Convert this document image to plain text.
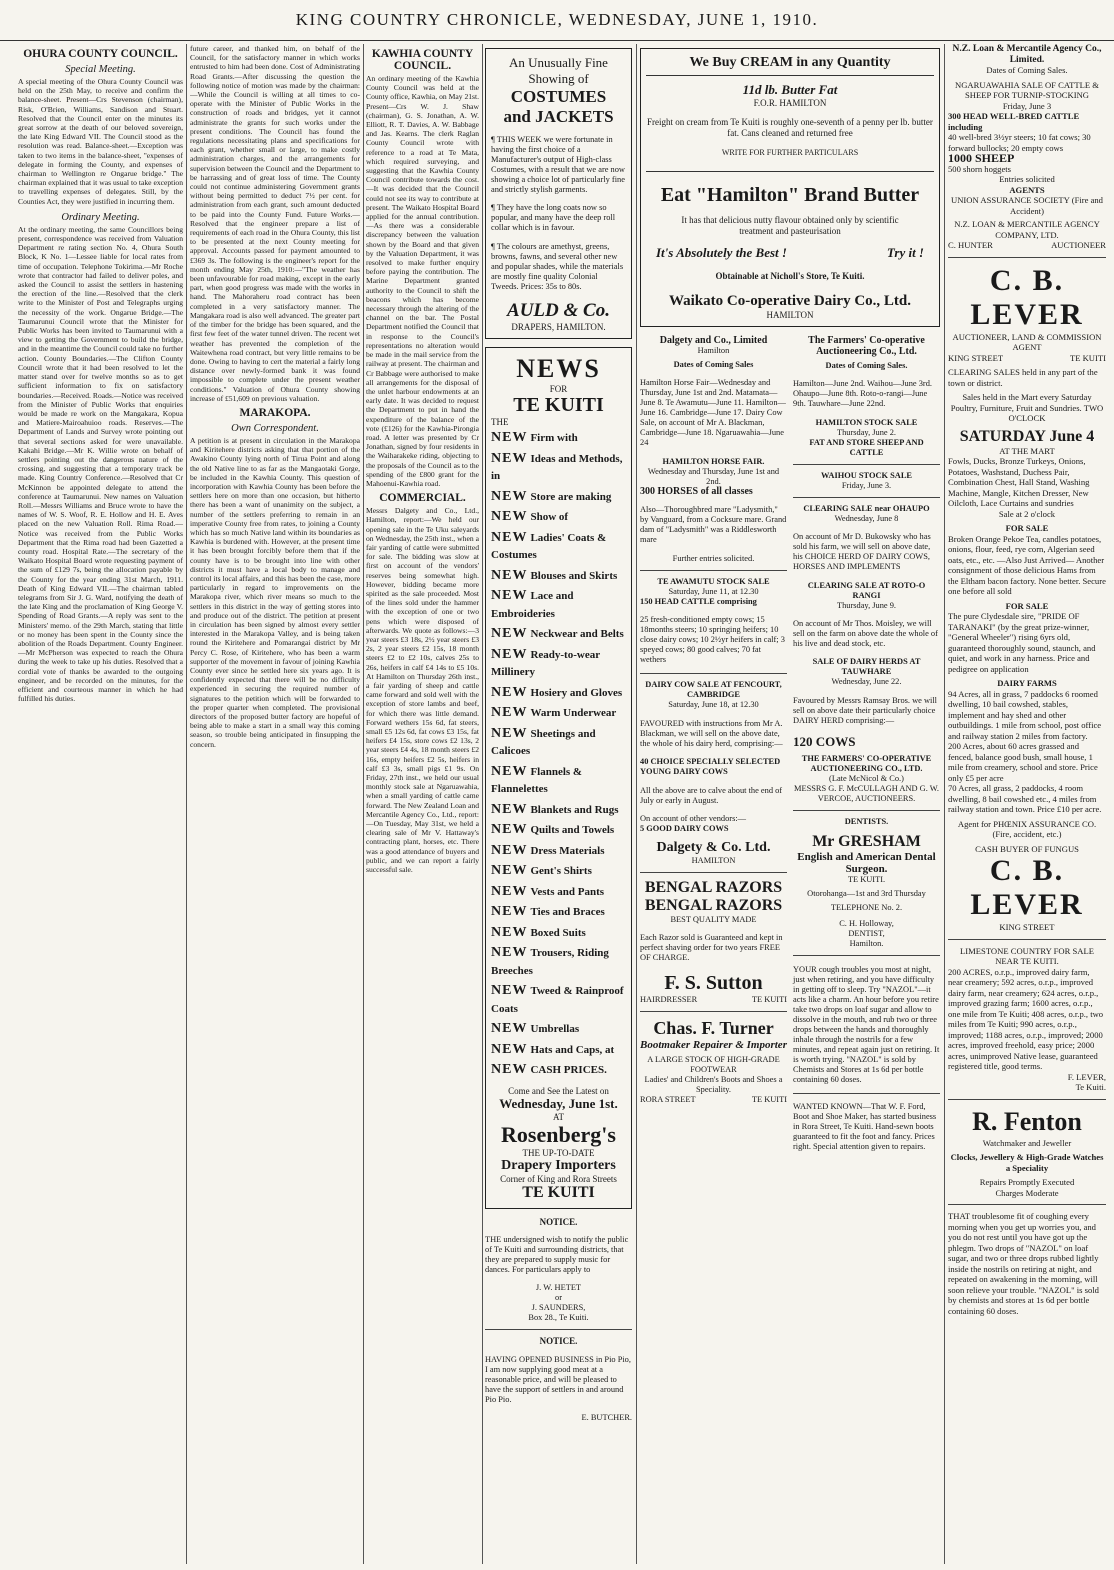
KING COUNTRY CHRONICLE, WEDNESDAY, JUNE 1, 1910.
OHURA COUNTY COUNCIL.
Special Meeting.

A special meeting of the Ohura County Council was held on the 25th May, to receive and confirm the balance-sheet. Present—Crs Stevenson (chairman), Risk, O'Brien, Williams, Sandison and Stuart. Resolved that the Council enter on the minutes its great sorrow at the death of our beloved sovereign, the late King Edward VII. The Council stood as the resolution was read. Balance-sheet.—Exception was taken to two items in the balance-sheet, "expenses of delegate in forming the County, and expenses of chairman to Wellington re Ongarue bridge." The chairman explained that it was usual to take exception to travelling expenses of delegates. Still, by the Counties Act, they were justified in incurring them.

Ordinary Meeting.

At the ordinary meeting, the same Councillors being present, correspondence was received from Valuation Department re rating section No. 4, Ohura South Block, K No. 1—Lessee liable for local rates from time of occupation. Telephone Tokirima.—Mr Roche wrote that contractor had failed to deliver poles, and asked the Council to assist the settlers in hastening the erection of the line.—Resolved that the clerk write to the Minister of Post and Telegraphs urging the necessity of the work. Ongarue Bridge.—The Taumarunui Council wrote that the Minister for Public Works has been invited to Taumarunui with a view to getting the Government to build the bridge, and in the meantime the Council could take no further action. County Boundaries.—The Clifton County Council wrote that it had been resolved to let the matter stand over for twelve months so as to get sufficient information to fix on satisfactory boundaries.—Received. Roads.—Notice was received from the Minister of Public Works that enquiries would be made re work on the Mangakara, Kopua and Matiere-Mairoahuioo roads. Reserves.—The Department of Lands and Survey wrote pointing out that several sections asked for were unavailable. Kakahi Bridge.—Mr K. Willie wrote on behalf of settlers pointing out the dangerous nature of the crossing, and suggesting that a temporary track be made. King Country Conference.—Resolved that Cr McKinnon be appointed delegate to attend the conference at Taumarunui. New names on Valuation Roll.—Messrs Williams and Bruce wrote to have the names of W. S. Woof, R. E. Hollow and H. E. Aves placed on the new Valuation Roll. Rima Road.—Notice was received from the Public Works Department that the Rima road had been Gazetted a county road. Hospital Rate.—The secretary of the Waikato Hospital Board wrote requesting payment of the sum of £129 7s, being the allocation payable by the County for the year ending 31st March, 1911. Death of King Edward VII.—The chairman tabled telegrams from Sir J. G. Ward, notifying the death of the late King and the proclamation of King George V. Spending of Road Grants.—A reply was sent to the Ministers' memo. of the 29th March, stating that little or no money has been spent in the County since the abolition of the Roads Department. County Engineer.—Mr McPherson was expected to reach the Ohura during the week to take up his duties. Resolved that a cordial vote of thanks be awarded to the outgoing engineer, and be recorded on the minutes, for the efficient and courteous manner in which he had fulfilled his duties.

future career, and thanked him, on behalf of the Council, for the satisfactory manner in which works entrusted to him had been done. Cost of Administrating Road Grants.—After discussing the question the following notice of motion was made by the chairman:—While the Council is willing at all times to co-operate with the Minister of Public Works in the construction of roads and bridges, yet it cannot administrate the grants for such works under the present conditions. The Council has found the regulations necessitating plans and specifications for each grant, whether small or large, to make costly administration charges, and the arrangements for supervision between the Council and the Department to be harrassing and of great loss of time. The County could not continue administering Government grants without being permitted to deduct 7½ per cent. for administration from each grant, such amount deducted to be paid into the County Fund. Future Works.—Resolved that the engineer prepare a list of requirements of each road in the Ohura County, this list to be presented at the next County meeting for approval. Accounts passed for payment amounted to £369 3s. The following is the engineer's report for the month ending May 25th, 1910:—"The weather has been unfavourable for road making, except in the early part, when good progress was made with the works in hand. The Mahoraheru road contract has been completed in a very satisfactory manner. The Mangakara road is also well advanced. The greater part of the timber for the bridge has been squared, and the first few feet of the water tunnel driven. The recent wet weather has prevented the completion of the Waitewhena road contract, but very little remains to be done. Owing to having to cert the material a fairly long distance over newly-formed bank it was found impossible to complete under the present weather conditions." Valuation of Ohura County showing increase of £51,609 on previous valuation.

MARAKOPA.
Own Correspondent.

A petition is at present in circulation in the Marakopa and Kiritehere districts asking that that portion of the Awakino County lying north of Tirua Point and along the old Native line to as far as the Mangaotaki Gorge, be included in the Kawhia County. This question of incorporation with Kawhia County has been before the settlers here on more than one occasion, but hitherto there has been a want of unanimity on the subject, a number of the settlers preferring to remain in an imperative County free from rates, to joining a County which has so much Native land within its boundaries as Kawhia is burdened with. However, at the present time it has been brought forcibly before them that if the county have is to be brought into line with other districts it must have a local body to manage and control its local affairs, and this has been the case, more particularly in regard to improvements on the Marakopa river, which river means so much to the settlers in this district in the way of getting stores into and produce out of the district. The petition at present in circulation has been signed by almost every settler interested in the Marakopa Valley, and is being taken round the Kiritehere and Pomarangai district by Mr Percy C. Rose, of Kiritehere, who has been a warm supporter of the movement in favour of joining Kawhia County ever since he settled here six years ago. It is confidently expected that there will be no difficulty experienced in securing the required number of signatures to the petition which will be forwarded to the proper quarter when completed. The provisional directors of the proposed butter factory are hopeful of being able to make a start in a small way this coming season, so trouble being anticipated in finsupping the concern.

KAWHIA COUNTY COUNCIL.

An ordinary meeting of the Kawhia County Council was held at the County office, Kawhia, on May 21st. Present—Crs W. J. Shaw (chairman), G. S. Jonathan, A. W. Elliott, R. T. Davies, A. W. Babbage and Jas. Kearns. The clerk Raglan County Council wrote with reference to a road at Te Mata, which required surveying, and suggesting that the Kawhia County Council contribute towards the cost.—It was decided that the Council could not see its way to contribute at present. The Waikato Hospital Board applied for the annual contribution.—As there was a considerable discrepancy between the valuation shown by the Board and that given by the Valuation Department, it was resolved to make further enquiry before paying the contribution. The Marine Department granted authority to the Council to shift the beacons which has become necessary through the altering of the channel on the bar. The Postal Department notified the Council that in response to the Council's representations no alteration would be made in the mail service from the railway at present. The chairman and Cr Babbage were authorised to make all arrangements for the disposal of the unlet harbour endowments at an early date. It was decided to request the Department to put in hand the expenditure of the balance of the vote (£126) for the Kawhia-Pirongia road. A letter was presented by Cr Jonathan, signed by four residents in the Waiharakeke riding, objecting to the proposals of the Council as to the spending of the £800 grant for the Mahoenui-Kawhia road.

COMMERCIAL.

Messrs Dalgety and Co., Ltd., Hamilton, report:—We held our opening sale in the Te Uku saleyards on Wednesday, the 25th inst., when a fair yarding of cattle were submitted for sale. The bidding was slow at first on account of the vendors' reserves being somewhat high. However, bidding became more spirited as the sale proceeded. Most of the lines sold under the hammer with the exception of one or two pens which were disposed of afterwards. We quote as follows:—3 year steers £3 18s, 2½ year steers £3 2s, 2 year steers £2 15s, 18 month steers £2 to £2 10s, calves 25s to 26s, heifers in calf £4 14s to £5 10s. At Hamilton on Thursday 26th inst., a fair yarding of sheep and cattle came forward and sold well with the exception of store lambs and beef, for which there was little demand. Forward wethers 15s 6d, fat steers, small £5 12s 6d, fat cows £3 15s, fat heifers £4 15s, store cows £2 13s, 2 year steers £4 4s, 18 month steers £2 16s, empty heifers £2 5s, heifers in calf £3 3s, small pigs £1 9s. On Friday, 27th inst., we held our usual monthly stock sale at Ngaruawahia, when a small yarding of cattle came forward. The New Zealand Loan and Mercantile Agency Co., Ltd., report:—On Tuesday, May 31st, we held a clearing sale of Mr V. Hattaway's contracting plant, horses, etc. There was a good attendance of buyers and public, and we can report a fairly successful sale.

An Unusually Fine
Showing of
COSTUMES
and JACKETS

¶ THIS WEEK we were fortunate in having the first choice of a Manufacturer's output of High-class Costumes, with a result that we are now showing a choice lot of particularly fine and strictly stylish garments.

¶ They have the long coats now so popular, and many have the deep roll collar which is in favour.

¶ The colours are amethyst, greens, browns, fawns, and several other new and popular shades, while the materials are mostly fine quality Colonial Tweeds. Prices: 35s to 80s.

AULD & Co.
DRAPERS, HAMILTON.
NEWS
FOR
TE KUITI
THE
NEW Firm with
NEW Ideas and Methods, in
NEW Store are making
NEW Show of
NEW Ladies' Coats & Costumes
NEW Blouses and Skirts
NEW Lace and Embroideries
NEW Neckwear and Belts
NEW Ready-to-wear Millinery
NEW Hosiery and Gloves
NEW Warm Underwear
NEW Sheetings and Calicoes
NEW Flannels & Flannelettes
NEW Blankets and Rugs
NEW Quilts and Towels
NEW Dress Materials
NEW Gent's Shirts
NEW Vests and Pants
NEW Ties and Braces
NEW Boxed Suits
NEW Trousers, Riding Breeches
NEW Tweed & Rainproof Coats
NEW Umbrellas
NEW Hats and Caps, at
NEW CASH PRICES.
Come and See the Latest on
Wednesday, June 1st.
AT
Rosenberg's
THE UP-TO-DATE
Drapery Importers
Corner of King and Rora Streets
TE KUITI
NOTICE.

THE undersigned wish to notify the public of Te Kuiti and surrounding districts, that they are prepared to supply music for dances. For particulars apply to

J. W. HETET
or
J. SAUNDERS,
Box 28., Te Kuiti.
NOTICE.

HAVING OPENED BUSINESS in Pio Pio, I am now supplying good meat at a reasonable price, and will be pleased to have the support of settlers in and around Pio Pio.

E. BUTCHER.
We Buy CREAM in any Quantity
11d lb. Butter Fat
F.O.R. HAMILTON

Freight on cream from Te Kuiti is roughly one-seventh of a penny per lb. butter fat. Cans cleaned and returned free

WRITE FOR FURTHER PARTICULARS
Eat "Hamilton" Brand Butter

It has that delicious nutty flavour obtained only by scientific treatment and pasteurisation

It's Absolutely the Best !	Try it !
Obtainable at Nicholl's Store, Te Kuiti.
Waikato Co-operative Dairy Co., Ltd.
HAMILTON
Dalgety and Co., Limited
Hamilton
Dates of Coming Sales

Hamilton Horse Fair—Wednesday and Thursday, June 1st and 2nd. Matamata—June 8. Te Awamutu—June 11. Hamilton—June 16. Cambridge—June 17. Dairy Cow Sale, on account of Mr A. Blackman, Cambridge—June 18. Ngaruawahia—June 24

HAMILTON HORSE FAIR.
Wednesday and Thursday, June 1st and 2nd.
300 HORSES of all classes

Also—Thoroughbred mare "Ladysmith," by Vanguard, from a Cocksure mare. Grand dam of "Ladysmith" was a Riddlesworth mare

Further entries solicited.
TE AWAMUTU STOCK SALE
Saturday, June 11, at 12.30
150 HEAD CATTLE comprising

25 fresh-conditioned empty cows; 15 18months steers; 10 springing heifers; 10 close dairy cows; 10 2½yr heifers in calf; 3 speyed cows; 80 good calves; 70 fat wethers

DAIRY COW SALE AT FENCOURT, CAMBRIDGE
Saturday, June 18, at 12.30

FAVOURED with instructions from Mr A. Blackman, we will sell on the above date, the whole of his dairy herd, comprising:—

40 CHOICE SPECIALLY SELECTED YOUNG DAIRY COWS

All the above are to calve about the end of July or early in August.

On account of other vendors:—
5 GOOD DAIRY COWS
Dalgety & Co. Ltd.
HAMILTON
BENGAL RAZORS
BENGAL RAZORS
BEST QUALITY MADE

Each Razor sold is Guaranteed and kept in perfect shaving order for two years FREE OF CHARGE.

F. S. Sutton
HAIRDRESSER	TE KUITI
Chas. F. Turner
Bootmaker Repairer & Importer
A LARGE STOCK OF HIGH-GRADE FOOTWEAR
Ladies' and Children's Boots and Shoes a Speciality.
RORA STREET	TE KUITI
The Farmers' Co-operative Auctioneering Co., Ltd.
Dates of Coming Sales.

Hamilton—June 2nd. Waihou—June 3rd. Ohaupo—June 8th. Roto-o-rangi—June 9th. Tauwhare—June 22nd.

HAMILTON STOCK SALE
Thursday, June 2.
FAT AND STORE SHEEP AND CATTLE
WAIHOU STOCK SALE
Friday, June 3.
CLEARING SALE near OHAUPO
Wednesday, June 8

On account of Mr D. Bukowsky who has sold his farm, we will sell on above date, his CHOICE HERD OF DAIRY COWS, HORSES AND IMPLEMENTS

CLEARING SALE AT ROTO-O RANGI
Thursday, June 9.

On account of Mr Thos. Moisley, we will sell on the farm on above date the whole of his live and dead stock, etc.

SALE OF DAIRY HERDS AT TAUWHARE
Wednesday, June 22.

Favoured by Messrs Ramsay Bros. we will sell on above date their particularly choice DAIRY HERD comprising:—

120 COWS
THE FARMERS' CO-OPERATIVE AUCTIONEERING CO., LTD.
(Late McNicol & Co.)
MESSRS G. F. McCULLAGH AND G. W. VERCOE, AUCTIONEERS.
DENTISTS.
Mr GRESHAM
English and American Dental Surgeon.
TE KUITI.
Otorohanga—1st and 3rd Thursday
TELEPHONE No. 2.
C. H. Holloway,
DENTIST,
Hamilton.

YOUR cough troubles you most at night, just when retiring, and you have difficulty in getting off to sleep. Try "NAZOL"—it acts like a charm. An hour before you retire take two drops on loaf sugar and allow to dissolve in the mouth, and rub two or three drops between the hands and thoroughly inhale through the nostrils for a few minutes, and repeat again just on retiring. It is worth trying. "NAZOL" is sold by Chemists and Stores at 1s 6d per bottle containing 60 doses.

WANTED KNOWN—That W. F. Ford, Boot and Shoe Maker, has started business in Rora Street, Te Kuiti. Hand-sewn boots guaranteed to fit the foot and fancy. Prices right. Special attention given to repairs.

N.Z. Loan & Mercantile Agency Co., Limited.
Dates of Coming Sales.
NGARUAWAHIA SALE OF CATTLE & SHEEP FOR TURNIP-STOCKING
Friday, June 3
300 HEAD WELL-BRED CATTLE including
40 well-bred 3½yr steers; 10 fat cows; 30 forward bullocks; 20 empty cows
1000 SHEEP
500 shorn hoggets
Entries solicited
AGENTS
UNION ASSURANCE SOCIETY (Fire and Accident)
N.Z. LOAN & MERCANTILE AGENCY COMPANY, LTD.
C. HUNTER	AUCTIONEER
C. B. LEVER
AUCTIONEER, LAND & COMMISSION AGENT
KING STREET	TE KUITI
CLEARING SALES held in any part of the town or district.
Sales held in the Mart every Saturday Poultry, Furniture, Fruit and Sundries. TWO O'CLOCK
SATURDAY June 4
AT THE MART
Fowls, Ducks, Bronze Turkeys, Onions, Potatoes, Washstand, Duchess Pair, Combination Chest, Hall Stand, Washing Machine, Mangle, Kitchen Dresser, New Oilcloth, Lace Curtains and sundries
Sale at 2 o'clock
FOR SALE
Broken Orange Pekoe Tea, candles potatoes, onions, flour, feed, rye corn, Algerian seed oats, etc., etc. —Also Just Arrived— Another consignment of those delicious Hams from the Eltham bacon factory. None better. Secure one before all sold
FOR SALE
The pure Clydesdale sire, "PRIDE OF TARANAKI" (by the great prize-winner, "General Wheeler") rising 6yrs old, guaranteed thoroughly sound, staunch, and quiet, and work in any harness. Price and pedigree on application
DAIRY FARMS
94 Acres, all in grass, 7 paddocks 6 roomed dwelling, 10 bail cowshed, stables, implement and hay shed and other outbuildings. 1 mile from school, post office and railway station 2 miles from factory.
200 Acres, about 60 acres grassed and fenced, balance good bush, small house, 1 mile from creamery, school and store. Price only £5 per acre
70 Acres, all grass, 2 paddocks, 4 room dwelling, 8 bail cowshed etc., 4 miles from railway station and town. Price £10 per acre.
Agent for PHŒNIX ASSURANCE CO. (Fire, accident, etc.)
CASH BUYER OF FUNGUS
C. B. LEVER
KING STREET
LIMESTONE COUNTRY FOR SALE NEAR TE KUITI.
200 ACRES, o.r.p., improved dairy farm, near creamery; 592 acres, o.r.p., improved dairy farm, near creamery; 624 acres, o.r.p., improved grazing farm; 1600 acres, o.r.p., one mile from Te Kuiti; 408 acres, o.r.p., two miles from Te Kuiti; 990 acres, o.r.p., improved; 1188 acres, o.r.p., improved; 2000 acres, improved freehold, easy price; 2000 acres, unimproved Native lease, guaranteed registered title, good terms.
F. LEVER,
Te Kuiti.
R. Fenton
Watchmaker and Jeweller
Clocks, Jewellery & High-Grade Watches a Speciality
Repairs Promptly Executed
Charges Moderate
THAT troublesome fit of coughing every morning when you get up worries you, and you do not rest until you have got up the phlegm. Two drops of "NAZOL" on loaf sugar, and two or three drops rubbed lightly inside the nostrils on retiring at night, and repeated on awakening in the morning, will soon relieve your trouble. "NAZOL" is sold by chemists and stores at 1s 6d per bottle containing 60 doses.
